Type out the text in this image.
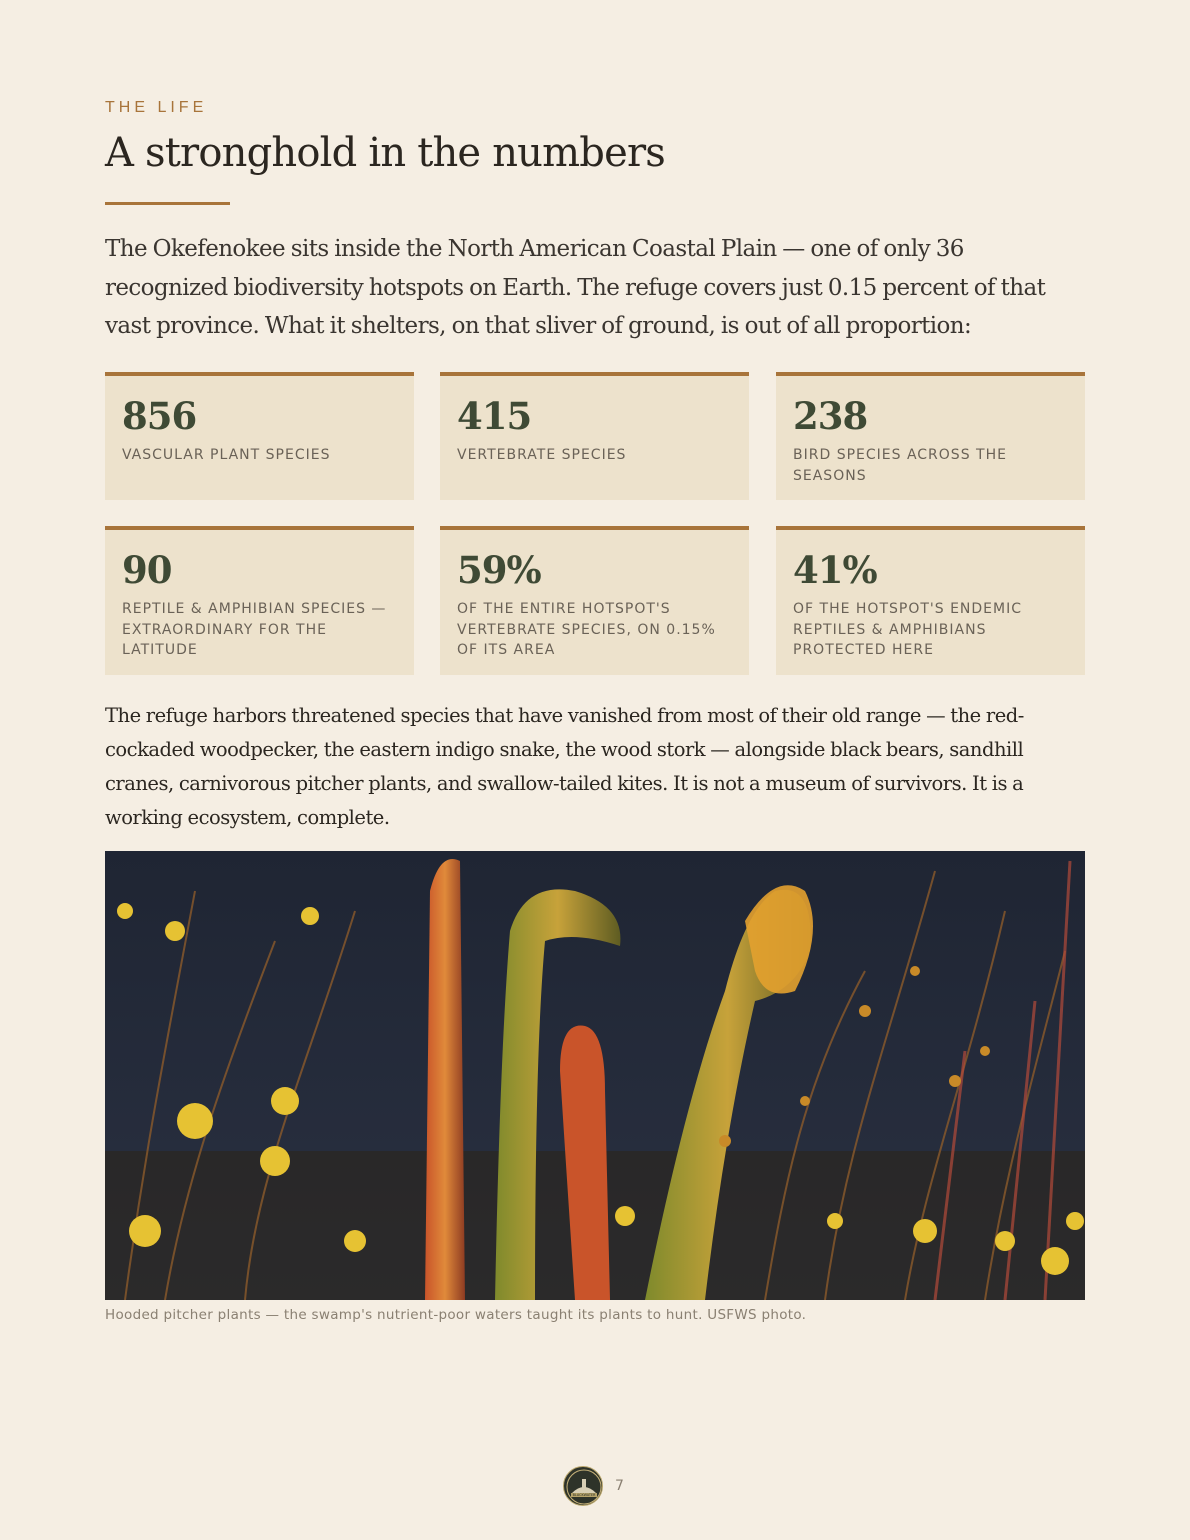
THE LIFE
A stronghold in the numbers

The Okefenokee sits inside the North American Coastal Plain — one of only 36 recognized biodiversity hotspots on Earth. The refuge covers just 0.15 percent of that vast province. What it shelters, on that sliver of ground, is out of all proportion:

856
VASCULAR PLANT SPECIES
415
VERTEBRATE SPECIES
238
BIRD SPECIES ACROSS THE SEASONS
90
REPTILE & AMPHIBIAN SPECIES — EXTRAORDINARY FOR THE LATITUDE
59%
OF THE ENTIRE HOTSPOT'S VERTEBRATE SPECIES, ON 0.15% OF ITS AREA
41%
OF THE HOTSPOT'S ENDEMIC REPTILES & AMPHIBIANS PROTECTED HERE

The refuge harbors threatened species that have vanished from most of their old range — the red-cockaded woodpecker, the eastern indigo snake, the wood stork — alongside black bears, sandhill cranes, carnivorous pitcher plants, and swallow-tailed kites. It is not a museum of survivors. It is a working ecosystem, complete.

Hooded pitcher plants — the swamp's nutrient-poor waters taught its plants to hunt. USFWS photo.
BLACKWATER
7
